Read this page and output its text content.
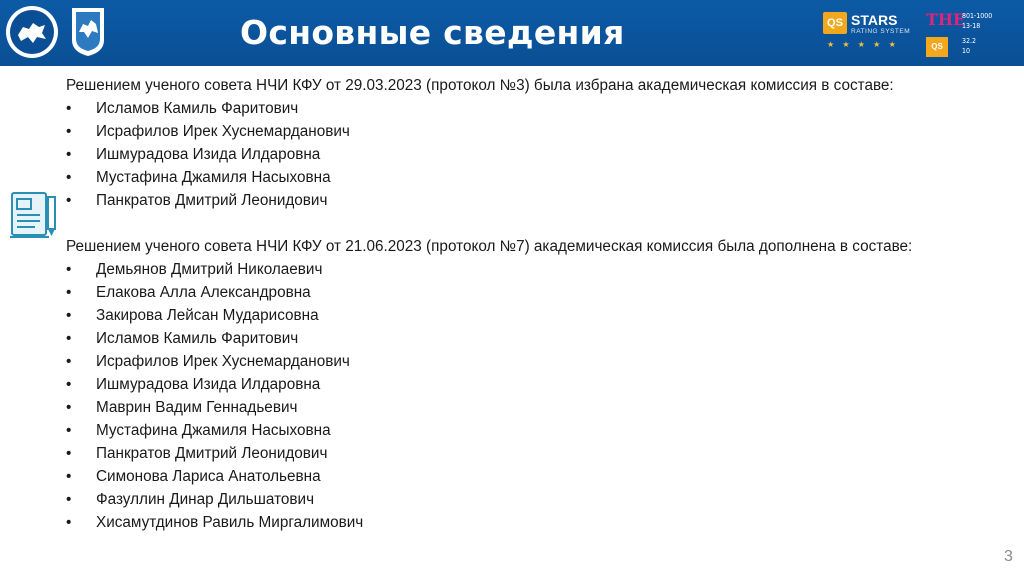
Основные сведения	QS STARS
RATING SYSTEM
★ ★ ★ ★ ★
THE
QS
801-1000
13-18
32.2
10

Решением ученого совета НЧИ КФУ от 29.03.2023 (протокол №3) была избрана академическая комиссия в составе:

• Исламов Камиль Фаритович
• Исрафилов Ирек Хуснемарданович
• Ишмурадова Изида Илдаровна
• Мустафина Джамиля Насыховна
• Панкратов Дмитрий Леонидович

Решением ученого совета НЧИ КФУ от 21.06.2023 (протокол №7) академическая комиссия была дополнена в составе:

• Демьянов Дмитрий Николаевич
• Елакова Алла Александровна
• Закирова Лейсан Мударисовна
• Исламов Камиль Фаритович
• Исрафилов Ирек Хуснемарданович
• Ишмурадова Изида Илдаровна
• Маврин Вадим Геннадьевич
• Мустафина Джамиля Насыховна
• Панкратов Дмитрий Леонидович
• Симонова Лариса Анатольевна
• Фазуллин Динар Дильшатович
• Хисамутдинов Равиль Миргалимович
3
